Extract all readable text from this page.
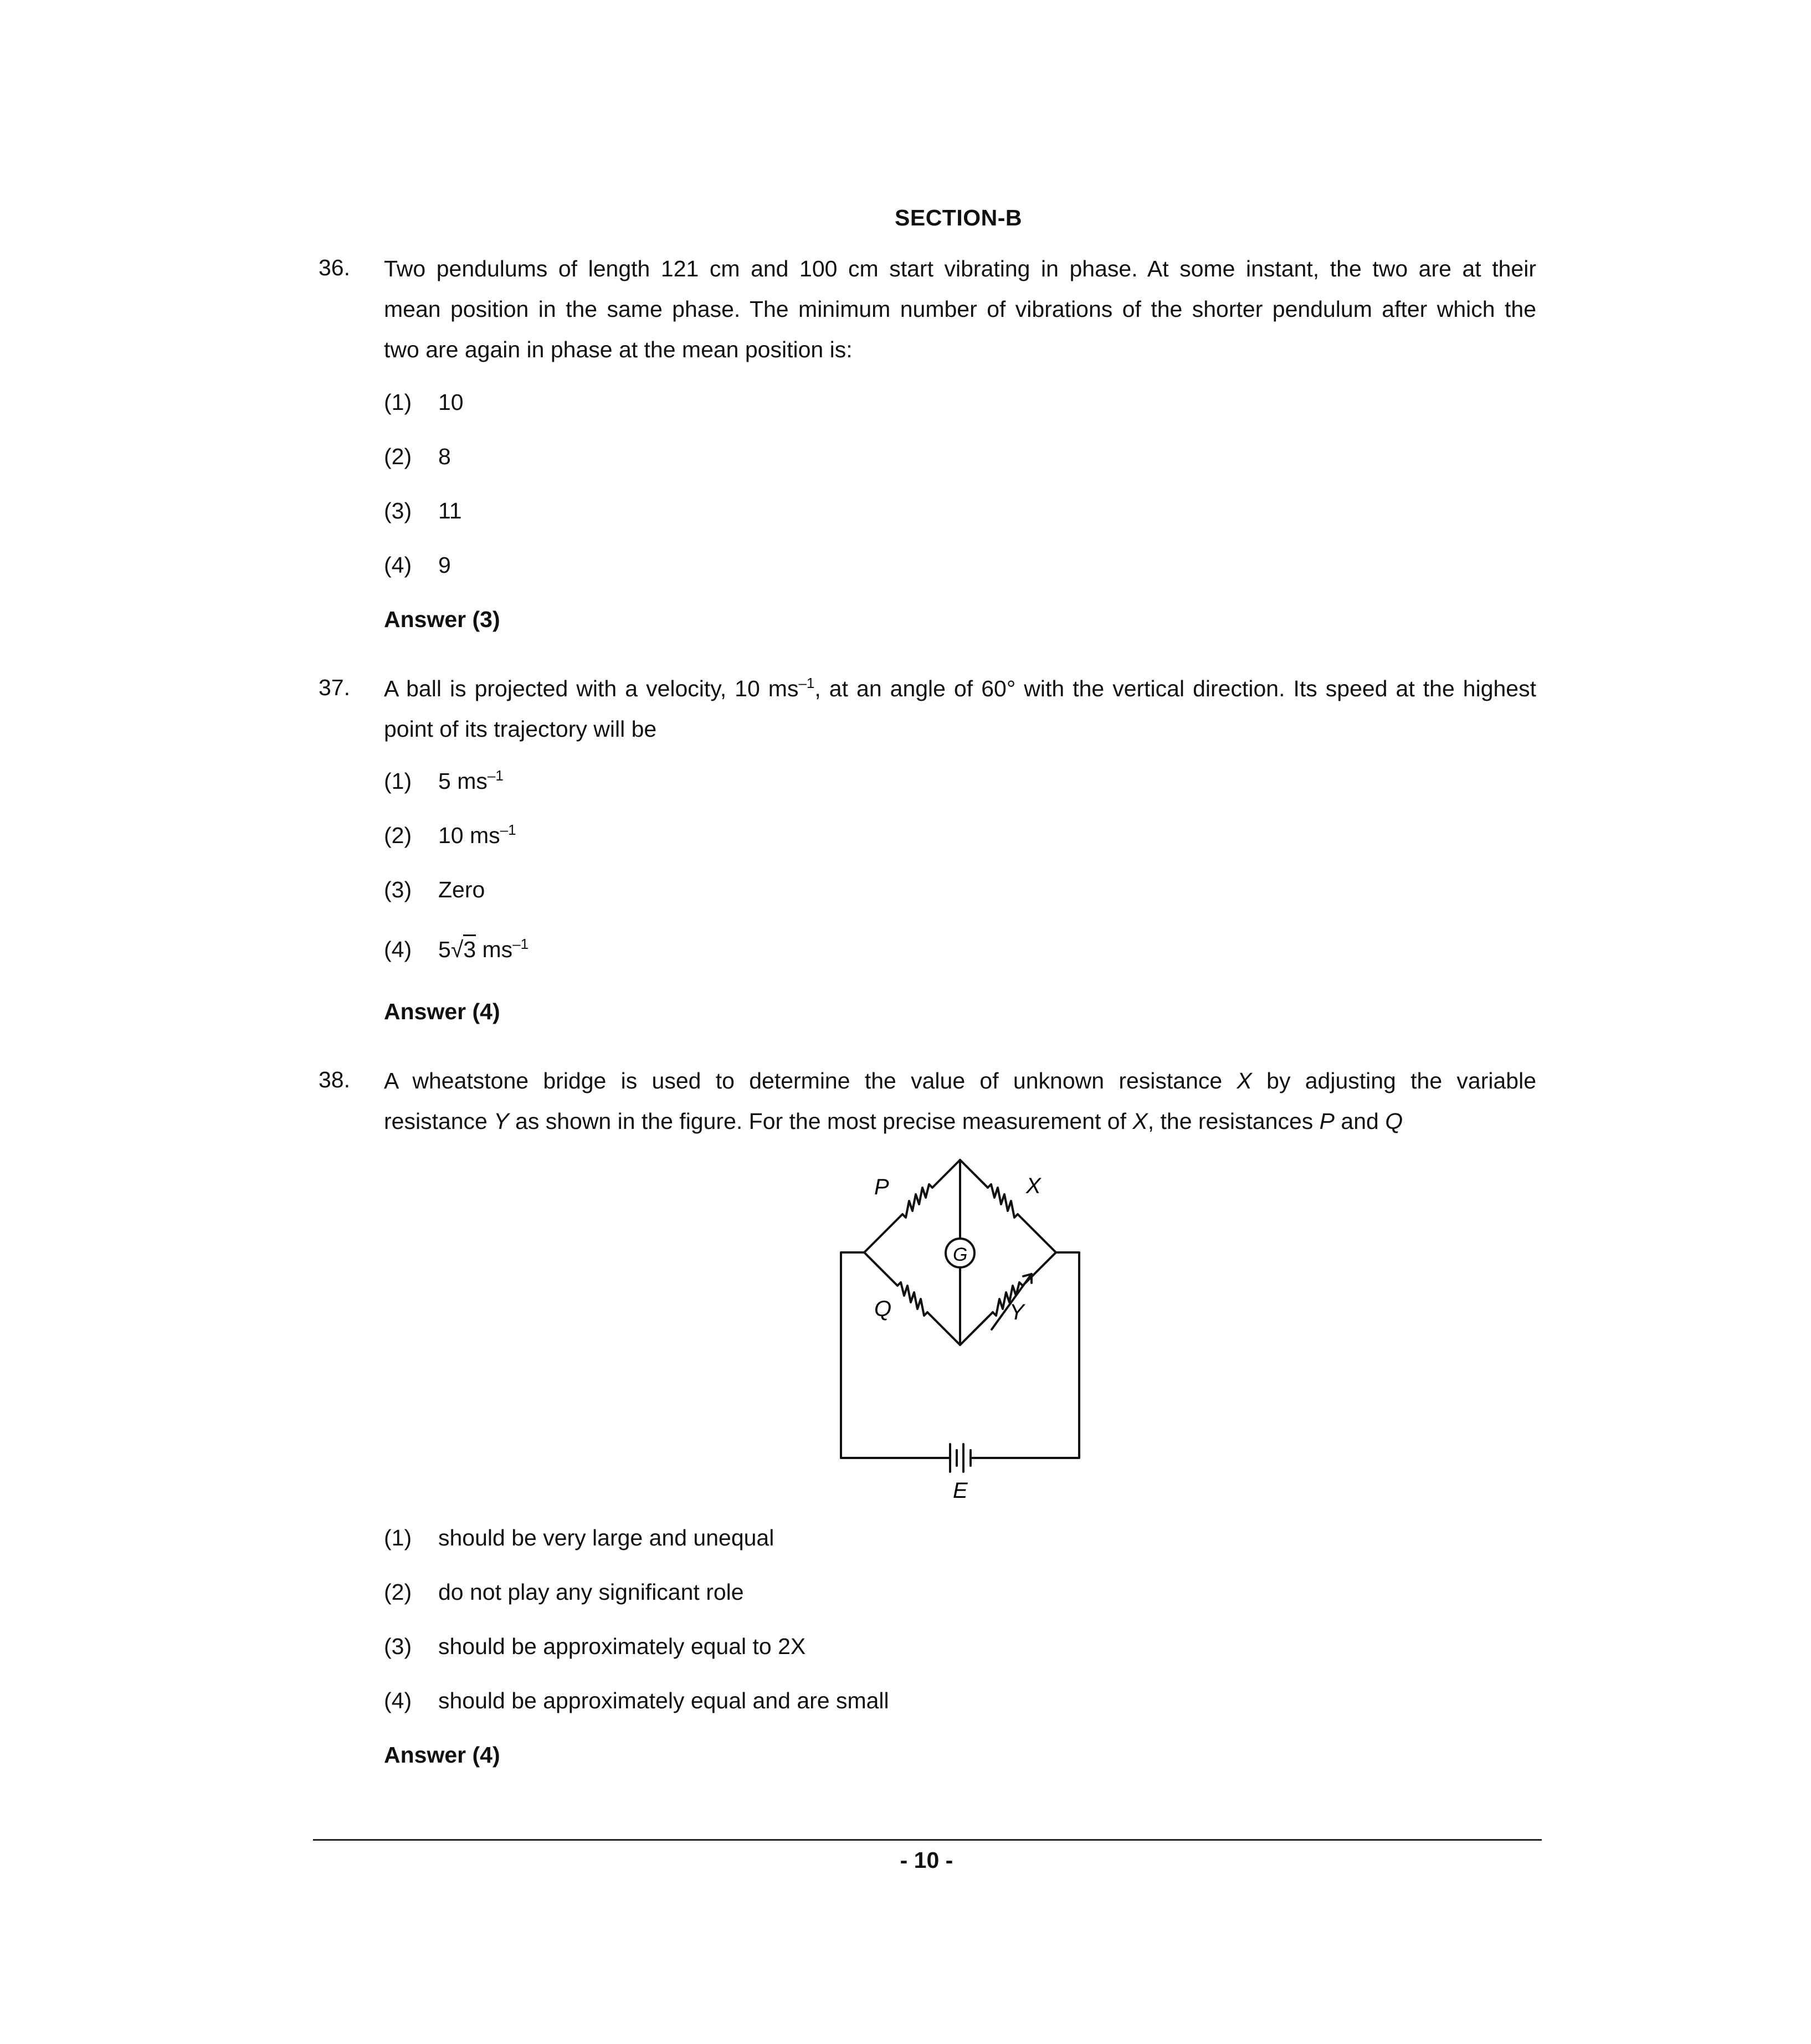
SECTION-B
36. Two pendulums of length 121 cm and 100 cm start vibrating in phase. At some instant, the two are at their
mean position in the same phase. The minimum number of vibrations of the shorter pendulum after which the
two are again in phase at the mean position is:
(1) 10
(2) 8
(3) 11
(4) 9
Answer (3)
37. A ball is projected with a velocity, 10 $ms^{-1}$, at an angle of 60° with the vertical direction. Its speed at the highest
point of its trajectory will be
(1) 5 $ms^{-1}$
(2) 10 $ms^{-1}$
(3) Zero
(4) 5√3 $ms^{-1}$
Answer (4)
38. A wheatstone bridge is used to determine the value of unknown resistance X by adjusting the variable
resistance Y as shown in the figure. For the most precise measurement of X, the resistances P and Q
P	X
G
Q	Y
E
(1) should be very large and unequal
(2) do not play any significant role
(3) should be approximately equal to 2X
(4) should be approximately equal and are small
Answer (4)
- 10 -
